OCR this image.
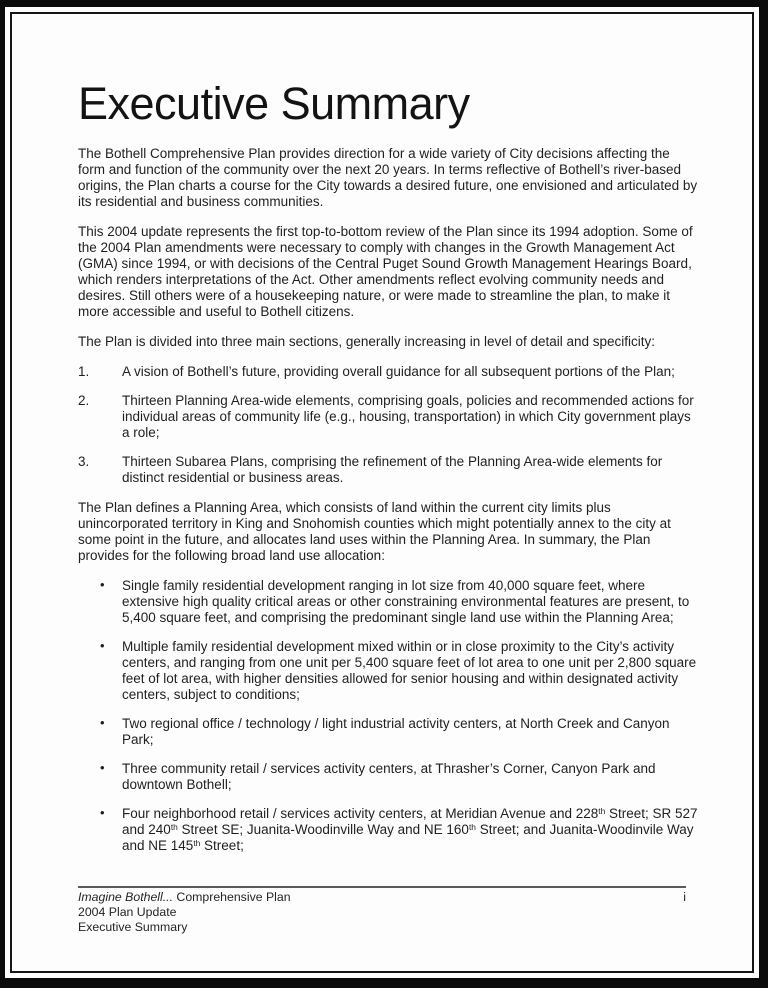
Executive Summary

The Bothell Comprehensive Plan provides direction for a wide variety of City decisions affecting the form and function of the community over the next 20 years. In terms reflective of Bothell’s river-based origins, the Plan charts a course for the City towards a desired future, one envisioned and articulated by its residential and business communities.

This 2004 update represents the first top-to-bottom review of the Plan since its 1994 adoption. Some of the 2004 Plan amendments were necessary to comply with changes in the Growth Management Act (GMA) since 1994, or with decisions of the Central Puget Sound Growth Management Hearings Board, which renders interpretations of the Act. Other amendments reflect evolving community needs and desires. Still others were of a housekeeping nature, or were made to streamline the plan, to make it more accessible and useful to Bothell citizens.

The Plan is divided into three main sections, generally increasing in level of detail and specificity:

1. A vision of Bothell’s future, providing overall guidance for all subsequent portions of the Plan;
2. Thirteen Planning Area-wide elements, comprising goals, policies and recommended actions for individual areas of community life (e.g., housing, transportation) in which City government plays a role;
3. Thirteen Subarea Plans, comprising the refinement of the Planning Area-wide elements for distinct residential or business areas.

The Plan defines a Planning Area, which consists of land within the current city limits plus unincorporated territory in King and Snohomish counties which might potentially annex to the city at some point in the future, and allocates land uses within the Planning Area. In summary, the Plan provides for the following broad land use allocation:

• Single family residential development ranging in lot size from 40,000 square feet, where extensive high quality critical areas or other constraining environmental features are present, to 5,400 square feet, and comprising the predominant single land use within the Planning Area;
• Multiple family residential development mixed within or in close proximity to the City’s activity centers, and ranging from one unit per 5,400 square feet of lot area to one unit per 2,800 square feet of lot area, with higher densities allowed for senior housing and within designated activity centers, subject to conditions;
• Two regional office / technology / light industrial activity centers, at North Creek and Canyon Park;
• Three community retail / services activity centers, at Thrasher’s Corner, Canyon Park and downtown Bothell;
• Four neighborhood retail / services activity centers, at Meridian Avenue and 228th Street; SR 527 and 240th Street SE; Juanita-Woodinville Way and NE 160th Street; and Juanita-Woodinvile Way and NE 145th Street;
Imagine Bothell... Comprehensive Plan	i
2004 Plan Update
Executive Summary
